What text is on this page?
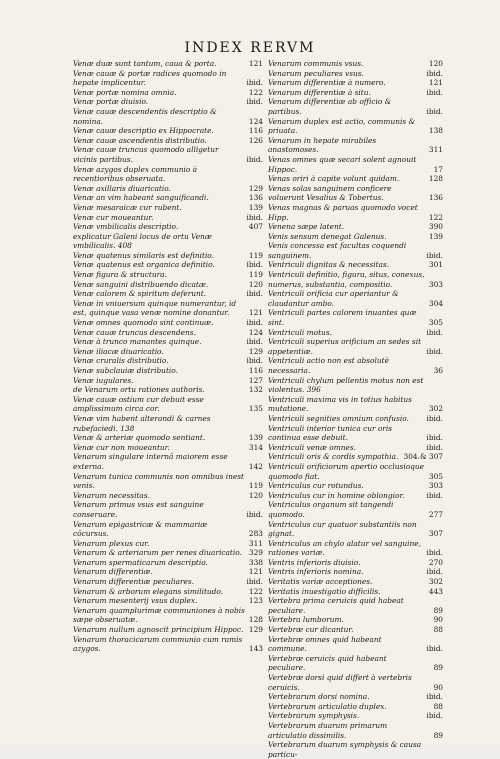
INDEX RERVM
Venæ duæ sunt tantum, caua & porta.	121
Venæ cauæ & portæ radices quomodo in hepate implicentur.	ibid.
Venæ portæ nomina omnia.	122
Venæ portæ diuisio.	ibid.
Venæ cauæ descendentis descriptio & nomina.	124
Venæ cauæ descriptio ex Hippocrate.	116
Venæ cauæ ascendentis distributio.	126
Venæ cauæ truncus quomodo alligetur vicinis partibus.	ibid.
Venæ azygos duplex communio à recentioribus obseruata.
Venæ axillaris diuaricatio.	129
Venæ an vim habeant sanguificandi.	136
Venæ mesaraicæ cur rubent.	139
Venæ cur moueantur.	ibid.
Venæ vmbilicalis descriptio.	407
explicatur Galeni locus de ortu Venæ vmbilicalis. 408
Venæ quatenus similaris est definitio.	119
Venæ quatenus est organica definitio.	ibid.
Venæ figura & structura.	119
Venæ sanguini distribuendo dicatæ.	120
Venæ calorem & spiritum deferunt.	ibid.
Venæ in vniuersum quinque numerantur, id est, quinque vasa venæ nomine donantur.	121
Venæ omnes quomodo sint continuæ.	ibid.
Venæ cauæ truncus descendens.	124
Venæ à trunco manantes quinque.	ibid.
Venæ iliacæ diuaricatio.	129
Venæ cruralis distributio.	ibid.
Venæ subclauiæ distributio.	116
Venæ iugulares.	127
de Venarum ortu rationes authoris.	132
Venæ cauæ ostium cur debuit esse amplissimum circa cor.	135
Venæ vim habent alterandi & carnes rubefaciedi. 138
Venæ & arteriæ quomodo sentiant.	139
Venæ cur non moueantur.	314
Venarum singulare internâ maiorem esse externa.	142
Venarum tunica communis non omnibus inest venis.	119
Venarum necessitas.	120
Venarum primus vsus est sanguine conseruare.	ibid.
Venarum epigastricæ & mammariæ cōcursus.	283
Venarum plexus cur.	311
Venarum & arteriarum per renes diuaricatio. 329
Venarum spermaticarum descriptio.	338
Venarum differentiæ.	121
Venarum differentiæ peculiares.	ibid.
Venarum & arborum elegans similitudo.	122
Venarum mesenterij vsus duplex.	123
Venarum quamplurimæ communiones à nobis sæpe obseruatæ.	128
Venarum nullum agnoscit principium Hippoc. 129
Venarum thoracicarum communio cum ramis azygos.	143
Venarum communis vsus.	120
Venarum peculiares vsus.	ibid.
Venarum differentiæ à numero.	121
Venarum differentiæ à situ.	ibid.
Venarum differentiæ ab officio & partibus.	ibid.
Venarum duplex est actio, communis & priuata.	138
Venarum in hepate mirabiles anastomoses.	311
Venas omnes quæ secari solent agnouit Hippoc.	17
Venas oriri à capite volunt quidam.	128
Venas solas sanguinem conficere voluerunt Vesalius & Tobertus.	136
Venas magnas & paruas quomodo vocet Hipp.	122
Venena sæpe latent.	390
Venis sensum denegat Galenus.	139
Venis concessa est facultas coquendi sanguinem.	ibid.
Ventriculi dignitas & necessitas.	301
Ventriculi definitio, figura, situs, conexus, numerus, substantia, compositio.	303
Ventriculi orificia cur aperiantur & claudantur ambo.	304
Ventriculi partes calorem inuantes quæ sint.	305
Ventriculi motus.	ibid.
Ventriculi superius orificium an sedes sit appetentiæ.	ibid.
Ventriculi actio non est absolutè necessaria.	36
Ventriculi chylum pellentis motus non est violentus. 396
Ventriculi maxima vis in totius habitus mutatione.	302
Ventriculi segnities omnium confusio.	ibid.
Ventriculi interior tunica cur oris continua esse debuit.	ibid.
Ventriculi venæ omnes.	ibid.
Ventriculi oris & cordis sympathia. 304.& 307
Ventriculi orificiorum apertio occlusioque quomodo fiat.	305
Ventriculus cur rotundus.	303
Ventriculus cur in homine oblongior.	ibid.
Ventriculus organum sit tangendi quomodo.	277
Ventriculus cur quatuor substantiis non gignat.	307
Ventriculus an chylo alatur vel sanguine, rationes variæ.	ibid.
Ventris inferioris diuisio.	270
Ventris inferioris nomina.	ibid.
Veritatis variæ acceptiones.	302
Veritatis inuestigatio difficilis.	443
Vertebra prima ceruicis quid habeat peculiare.	89
Vertebra lumborum.	90
Vertebræ cur dicantur.	88
Vertebræ omnes quid habeant commune.	ibid.
Vertebræ ceruicis quid habeant peculiare.	89
Vertebræ dorsi quid differt à vertebris ceruicis.	90
Vertebrarum dorsi nomina.	ibid.
Vertebrarum articulatio duplex.	88
Vertebrarum symphysis.	ibid.
Vertebrarum duarum primarum articulatio dissimilis.	89
Vertebrarum duarum symphysis & causa particu-
